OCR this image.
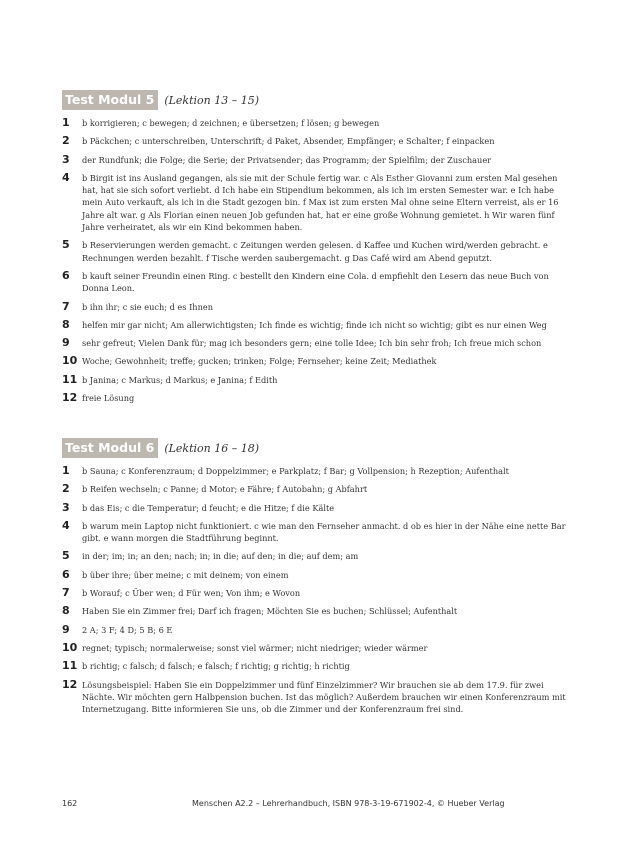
Test Modul 5 (Lektion 13 – 15)
1	b korrigieren; c bewegen; d zeichnen; e übersetzen; f lösen; g bewegen
2	b Päckchen; c unterschreiben, Unterschrift; d Paket, Absender, Empfänger; e Schalter; f einpacken
3	der Rundfunk; die Folge; die Serie; der Privatsender; das Programm; der Spielfilm; der Zuschauer
4	b Birgit ist ins Ausland gegangen, als sie mit der Schule fertig war. c Als Esther Giovanni zum ersten Mal gesehen hat, hat sie sich sofort verliebt. d Ich habe ein Stipendium bekommen, als ich im ersten Semester war. e Ich habe mein Auto verkauft, als ich in die Stadt gezogen bin. f Max ist zum ersten Mal ohne seine Eltern verreist, als er 16 Jahre alt war. g Als Florian einen neuen Job gefunden hat, hat er eine große Wohnung gemietet. h Wir waren fünf Jahre verheiratet, als wir ein Kind bekommen haben.
5	b Reservierungen werden gemacht. c Zeitungen werden gelesen. d Kaffee und Kuchen wird/werden gebracht. e Rechnungen werden bezahlt. f Tische werden saubergemacht. g Das Café wird am Abend geputzt.
6	b kauft seiner Freundin einen Ring. c bestellt den Kindern eine Cola. d empfiehlt den Lesern das neue Buch von Donna Leon.
7	b ihn ihr; c sie euch; d es Ihnen
8	helfen mir gar nicht; Am allerwichtigsten; Ich finde es wichtig; finde ich nicht so wichtig; gibt es nur einen Weg
9	sehr gefreut; Vielen Dank für; mag ich besonders gern; eine tolle Idee; Ich bin sehr froh; Ich freue mich schon
10 Woche; Gewohnheit; treffe; gucken; trinken; Folge; Fernseher; keine Zeit; Mediathek
11 b Janina; c Markus; d Markus; e Janina; f Edith
12 freie Lösung
Test Modul 6 (Lektion 16 – 18)
1	b Sauna; c Konferenzraum; d Doppelzimmer; e Parkplatz; f Bar; g Vollpension; h Rezeption; Aufenthalt
2	b Reifen wechseln; c Panne; d Motor; e Fähre; f Autobahn; g Abfahrt
3	b das Eis; c die Temperatur; d feucht; e die Hitze; f die Kälte
4	b warum mein Laptop nicht funktioniert. c wie man den Fernseher anmacht. d ob es hier in der Nähe eine nette Bar gibt. e wann morgen die Stadtführung beginnt.
5	in der; im; in; an den; nach; in; in die; auf den; in die; auf dem; am
6	b über ihre; über meine; c mit deinem; von einem
7	b Worauf; c Über wen; d Für wen; Von ihm; e Wovon
8	Haben Sie ein Zimmer frei; Darf ich fragen; Möchten Sie es buchen; Schlüssel; Aufenthalt
9	2 A; 3 F; 4 D; 5 B; 6 E
10 regnet; typisch; normalerweise; sonst viel wärmer; nicht niedriger; wieder wärmer
11 b richtig; c falsch; d falsch; e falsch; f richtig; g richtig; h richtig
12 Lösungsbeispiel: Haben Sie ein Doppelzimmer und fünf Einzelzimmer? Wir brauchen sie ab dem 17.9. für zwei Nächte. Wir möchten gern Halbpension buchen. Ist das möglich? Außerdem brauchen wir einen Konferenzraum mit Internetzugang. Bitte informieren Sie uns, ob die Zimmer und der Konferenzraum frei sind.
162	Menschen A2.2 – Lehrerhandbuch, ISBN 978-3-19-671902-4, © Hueber Verlag
